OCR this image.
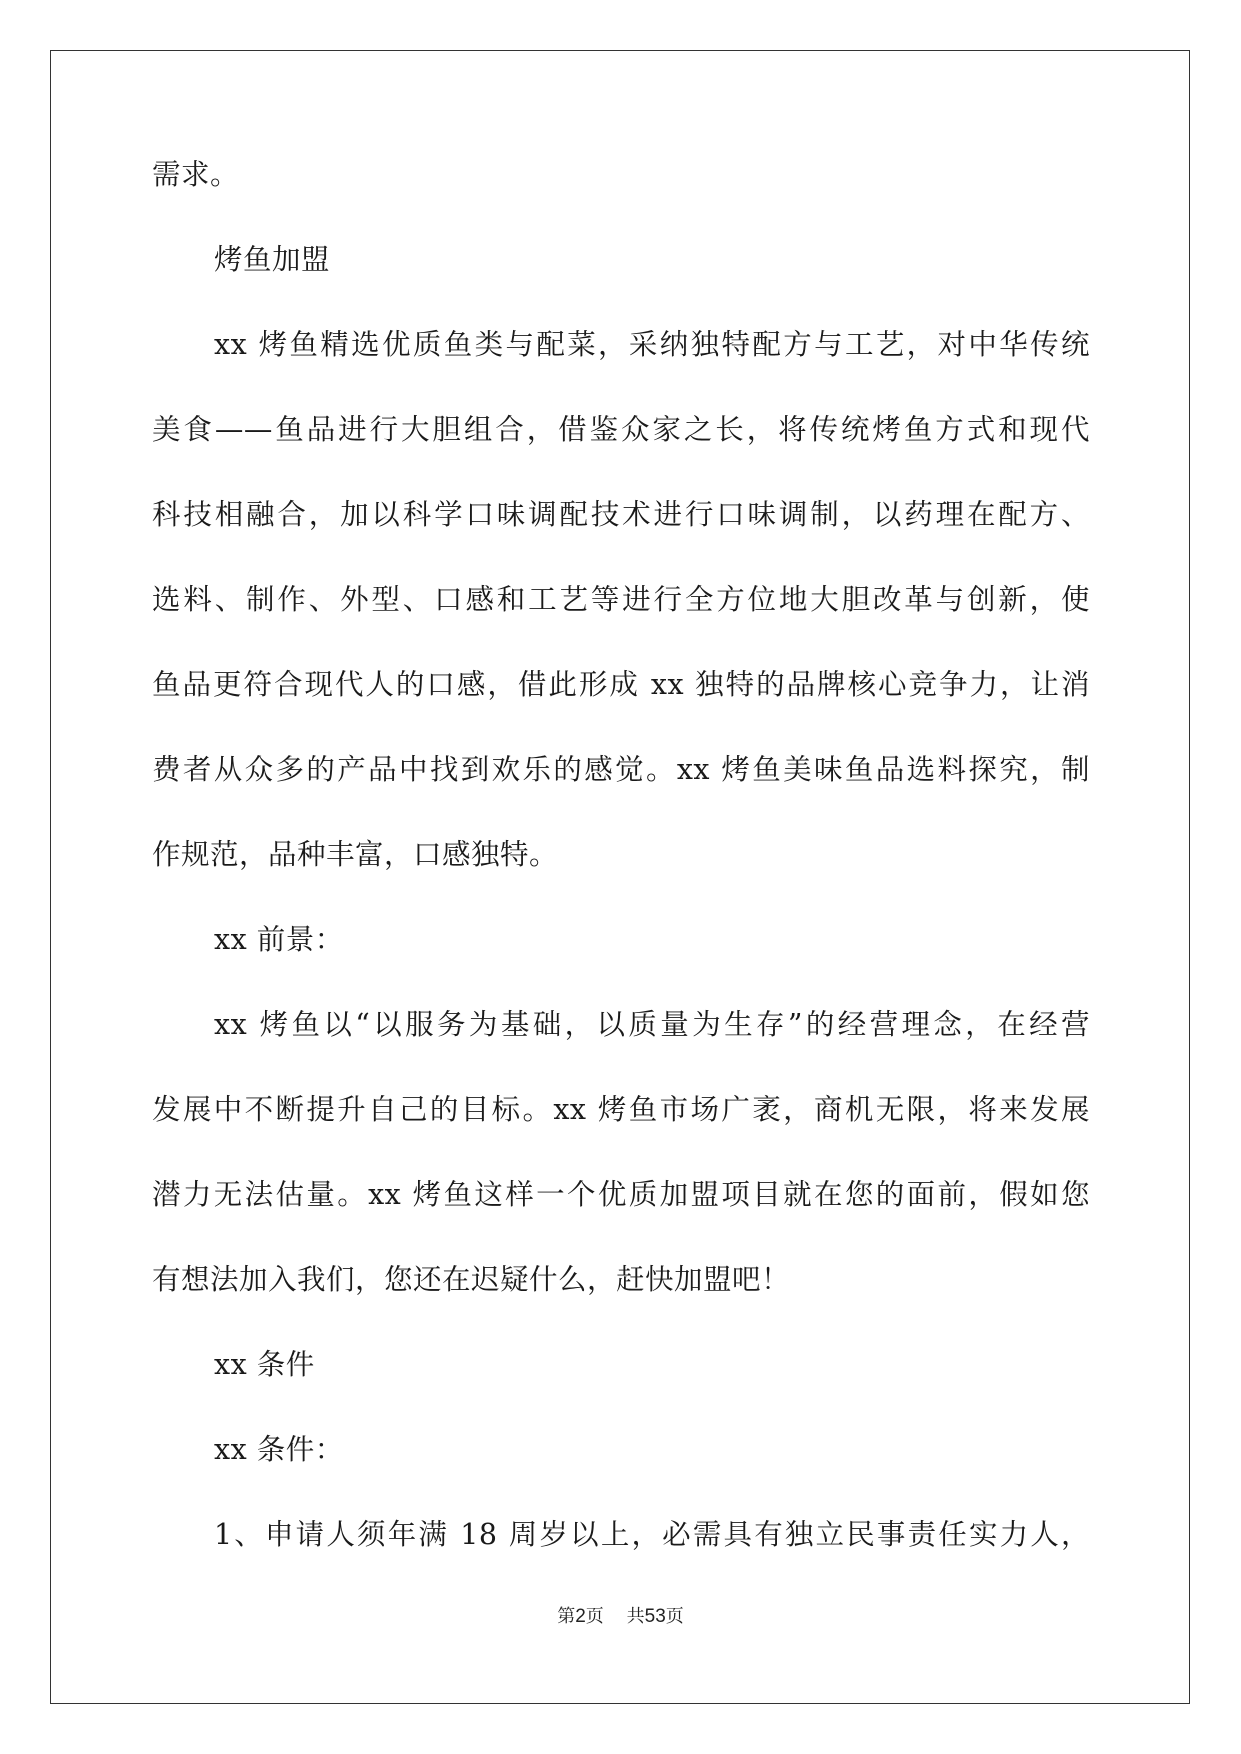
需求。
烤鱼加盟
xx 烤鱼精选优质鱼类与配菜，采纳独特配方与工艺，对中华传统
美食——鱼品进行大胆组合，借鉴众家之长，将传统烤鱼方式和现代
科技相融合，加以科学口味调配技术进行口味调制，以药理在配方、
选料、制作、外型、口感和工艺等进行全方位地大胆改革与创新，使
鱼品更符合现代人的口感，借此形成 xx 独特的品牌核心竞争力，让消
费者从众多的产品中找到欢乐的感觉。xx 烤鱼美味鱼品选料探究，制
作规范，品种丰富，口感独特。
xx 前景：
xx 烤鱼以“以服务为基础，以质量为生存”的经营理念，在经营
发展中不断提升自己的目标。xx 烤鱼市场广袤，商机无限，将来发展
潜力无法估量。xx 烤鱼这样一个优质加盟项目就在您的面前，假如您
有想法加入我们，您还在迟疑什么，赶快加盟吧！
xx 条件
xx 条件：
1、申请人须年满 18 周岁以上，必需具有独立民事责任实力人，
第2页    共53页
